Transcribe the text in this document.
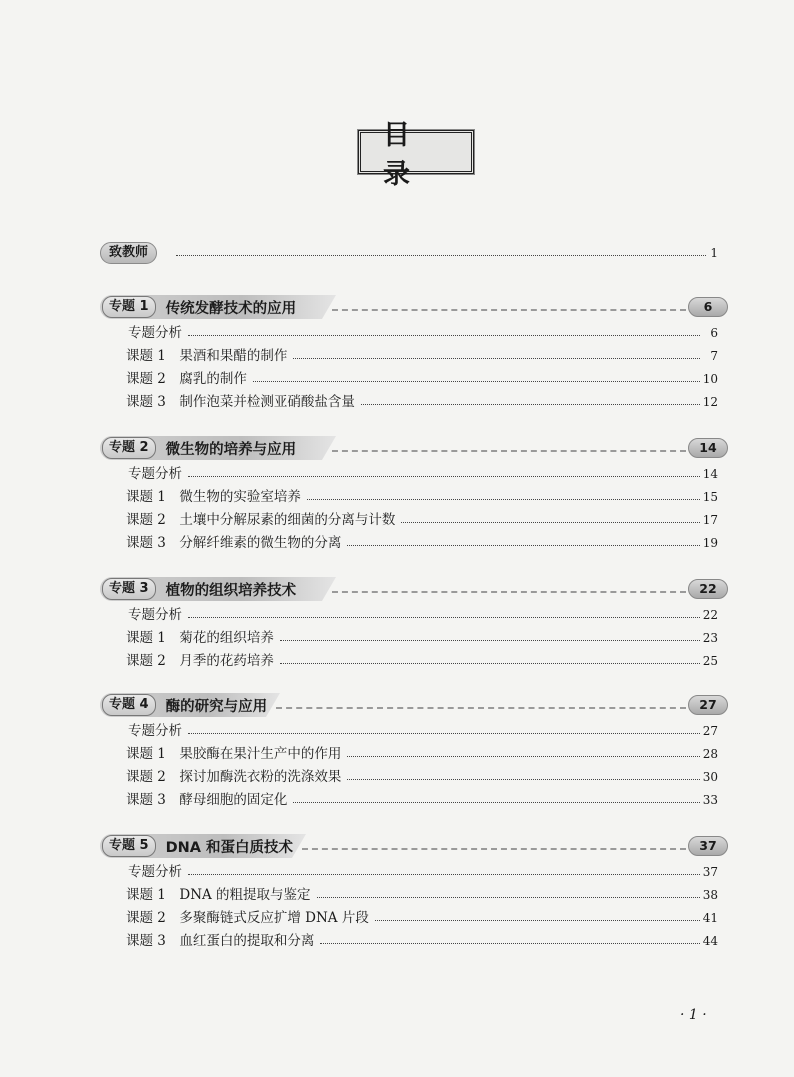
目 录
致教师	1
专题 1	传统发酵技术的应用	6
专题分析	6
课题 1　果酒和果醋的制作	7
课题 2　腐乳的制作	10
课题 3　制作泡菜并检测亚硝酸盐含量	12
专题 2	微生物的培养与应用	14
专题分析	14
课题 1　微生物的实验室培养	15
课题 2　土壤中分解尿素的细菌的分离与计数	17
课题 3　分解纤维素的微生物的分离	19
专题 3	植物的组织培养技术	22
专题分析	22
课题 1　菊花的组织培养	23
课题 2　月季的花药培养	25
专题 4	酶的研究与应用	27
专题分析	27
课题 1　果胶酶在果汁生产中的作用	28
课题 2　探讨加酶洗衣粉的洗涤效果	30
课题 3　酵母细胞的固定化	33
专题 5	DNA 和蛋白质技术	37
专题分析	37
课题 1　DNA 的粗提取与鉴定	38
课题 2　多聚酶链式反应扩增 DNA 片段	41
课题 3　血红蛋白的提取和分离	44
· 1 ·
